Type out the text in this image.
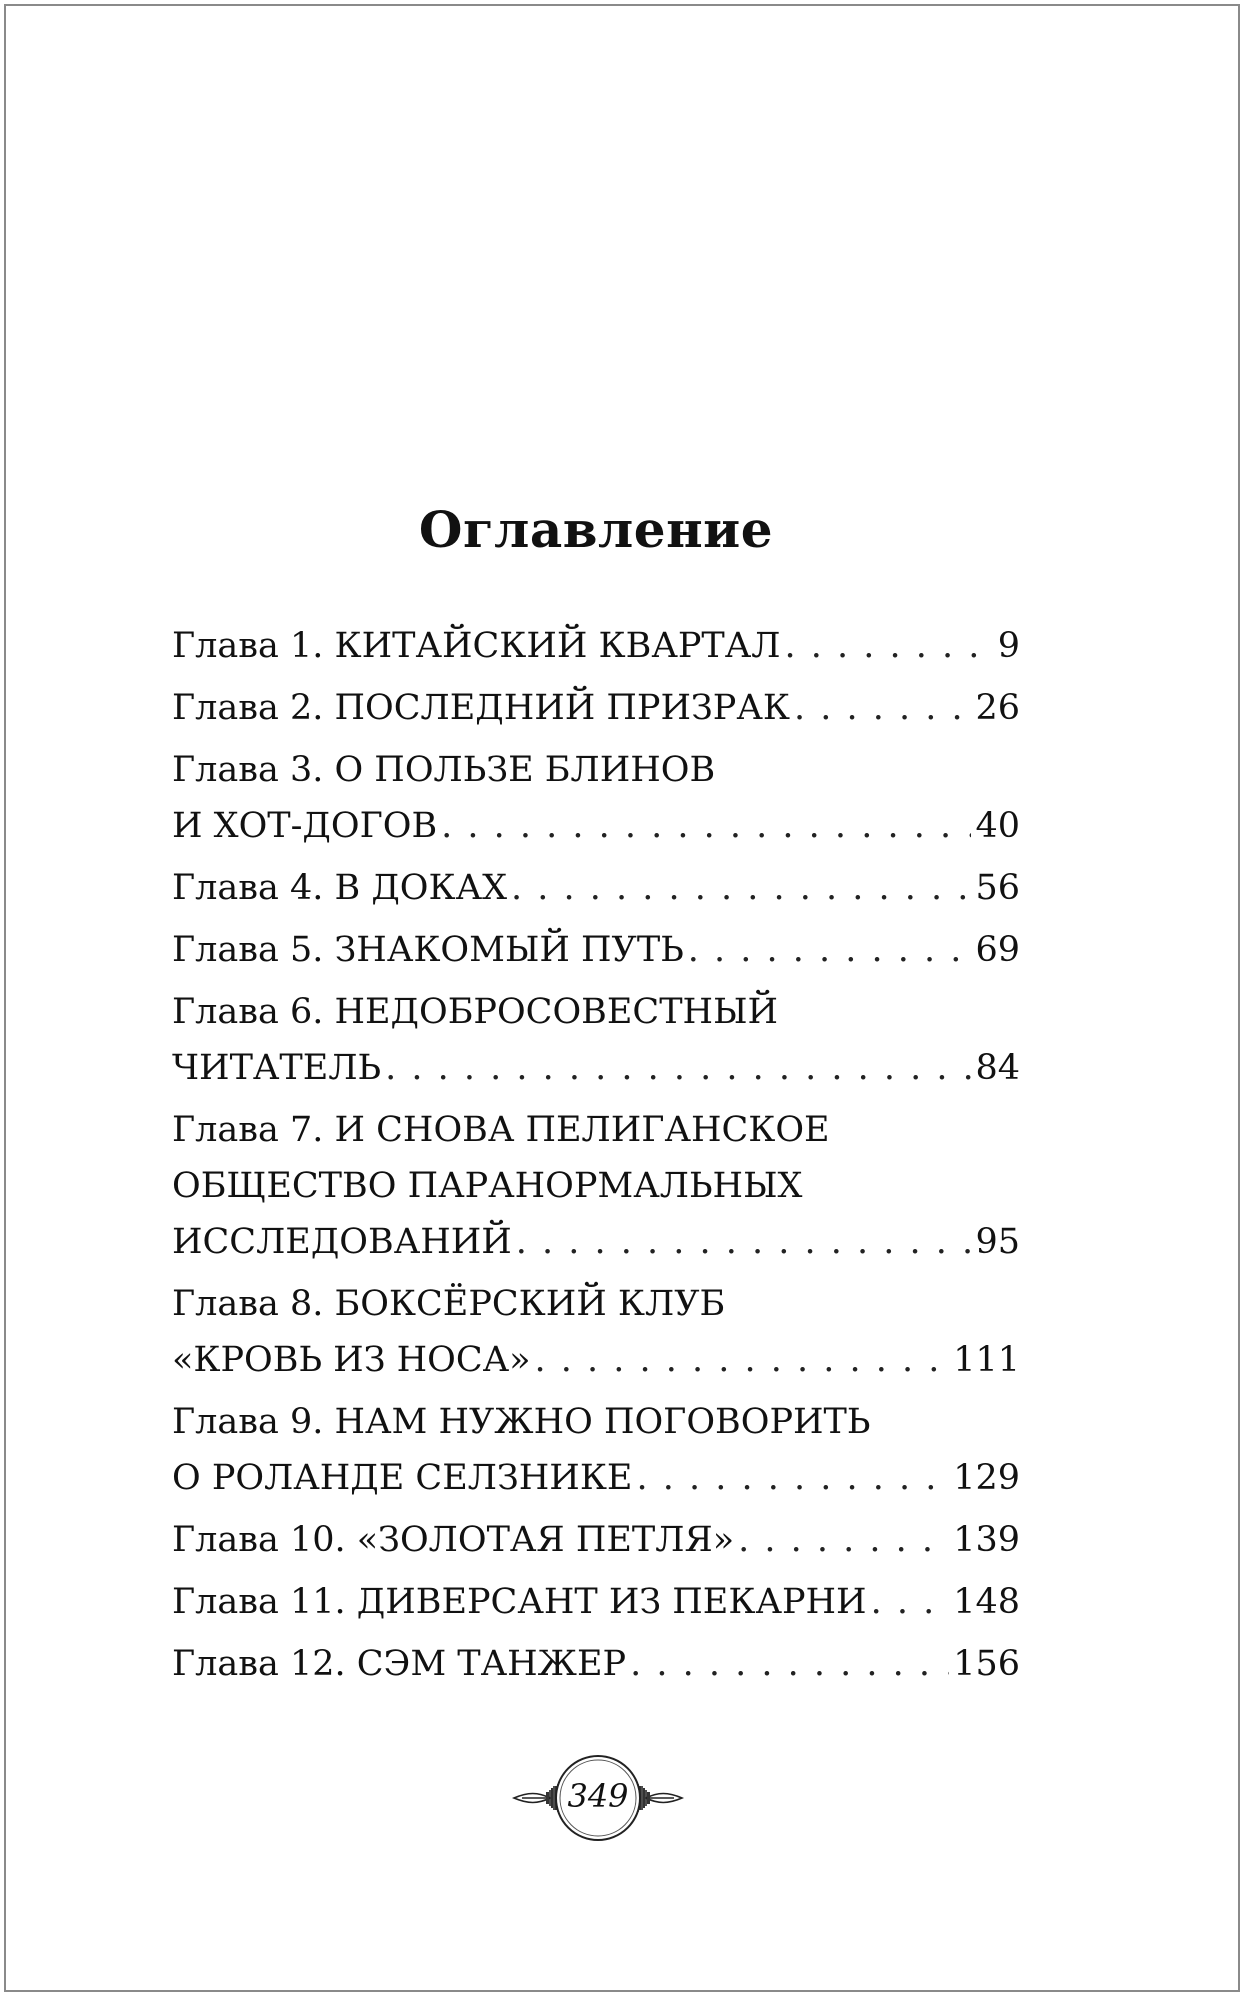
Оглавление
Глава 1. КИТАЙСКИЙ КВАРТАЛ . . .	9
Глава 2. ПОСЛЕДНИЙ ПРИЗРАК . . .	26
Глава 3. О ПОЛЬЗЕ БЛИНОВ
И ХОТ-ДОГОВ . . .	40
Глава 4. В ДОКАХ . . .	56
Глава 5. ЗНАКОМЫЙ ПУТЬ . . .	69
Глава 6. НЕДОБРОСОВЕСТНЫЙ
ЧИТАТЕЛЬ . . .	84
Глава 7. И СНОВА ПЕЛИГАНСКОЕ
ОБЩЕСТВО ПАРАНОРМАЛЬНЫХ
ИССЛЕДОВАНИЙ . . .	95
Глава 8. БОКСЁРСКИЙ КЛУБ
«КРОВЬ ИЗ НОСА» . . .	111
Глава 9. НАМ НУЖНО ПОГОВОРИТЬ
О РОЛАНДЕ СЕЛЗНИКЕ . . .	129
Глава 10. «ЗОЛОТАЯ ПЕТЛЯ» . . .	139
Глава 11. ДИВЕРСАНТ ИЗ ПЕКАРНИ . . . 148
Глава 12. СЭМ ТАНЖЕР . . .	156
349
